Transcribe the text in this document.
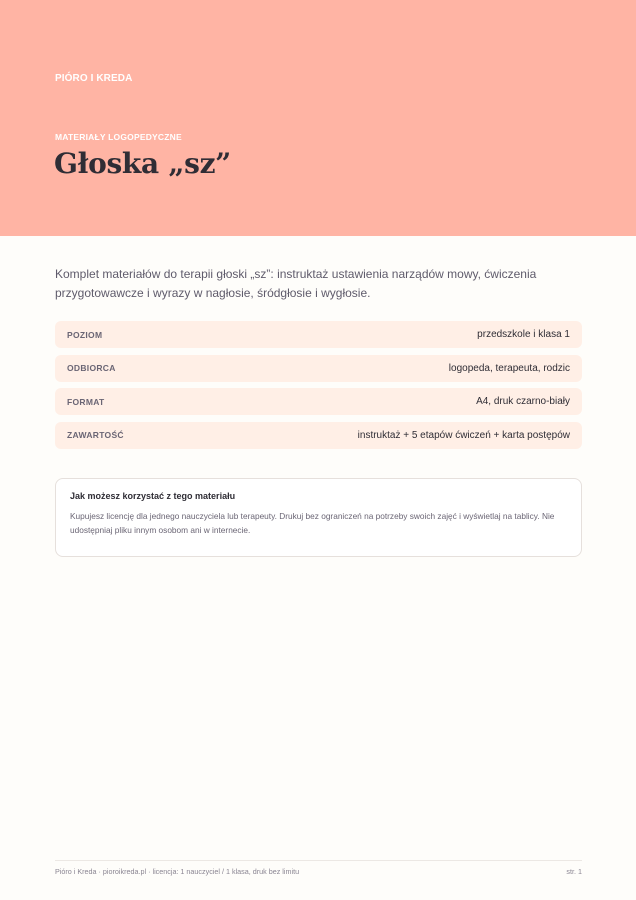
PIÓRO I KREDA
MATERIAŁY LOGOPEDYCZNE
Głoska „sz”

Komplet materiałów do terapii głoski „sz”: instruktaż ustawienia narządów mowy, ćwiczenia przygotowawcze i wyrazy w nagłosie, śródgłosie i wygłosie.

POZIOM	przedszkole i klasa 1
ODBIORCA	logopeda, terapeuta, rodzic
FORMAT	A4, druk czarno-biały
ZAWARTOŚĆ	instruktaż + 5 etapów ćwiczeń + karta postępów
Jak możesz korzystać z tego materiału
Kupujesz licencję dla jednego nauczyciela lub terapeuty. Drukuj bez ograniczeń na potrzeby swoich zajęć i wyświetlaj na tablicy. Nie udostępniaj pliku innym osobom ani w internecie.
Pióro i Kreda · pioroikreda.pl · licencja: 1 nauczyciel / 1 klasa, druk bez limitu	str. 1
